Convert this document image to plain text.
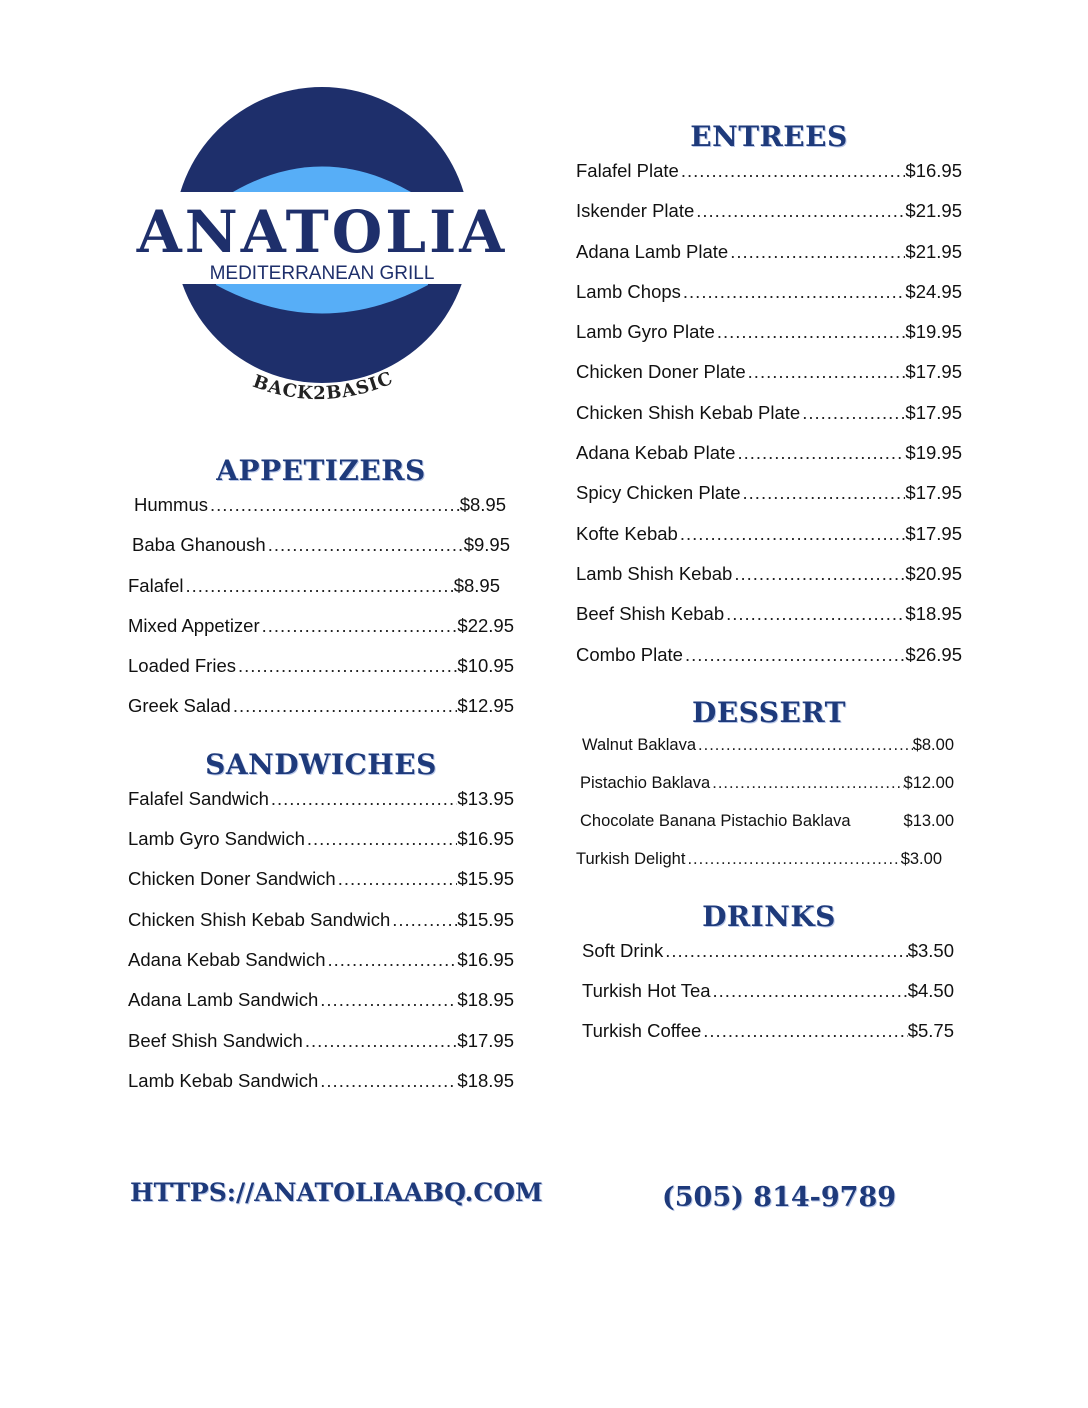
ANATOLIA
MEDITERRANEAN GRILL
BACK2BASIC
APPETIZERS
Hummus .....	$8.95
Baba Ghanoush .....	$9.95
Falafel .....	$8.95
Mixed Appetizer .....	$22.95
Loaded Fries .....	$10.95
Greek Salad .....	$12.95
SANDWICHES
Falafel Sandwich .....	$13.95
Lamb Gyro Sandwich .....	$16.95
Chicken Doner Sandwich .....	$15.95
Chicken Shish Kebab Sandwich .....	$15.95
Adana Kebab Sandwich .....	$16.95
Adana Lamb Sandwich .....	$18.95
Beef Shish Sandwich .....	$17.95
Lamb Kebab Sandwich .....	$18.95
ENTREES
Falafel Plate .....	$16.95
Iskender Plate .....	$21.95
Adana Lamb Plate .....	$21.95
Lamb Chops .....	$24.95
Lamb Gyro Plate .....	$19.95
Chicken Doner Plate .....	$17.95
Chicken Shish Kebab Plate .....	$17.95
Adana Kebab Plate .....	$19.95
Spicy Chicken Plate .....	$17.95
Kofte Kebab .....	$17.95
Lamb Shish Kebab .....	$20.95
Beef Shish Kebab .....	$18.95
Combo Plate .....	$26.95
DESSERT
Walnut Baklava .....	$8.00
Pistachio Baklava .....	$12.00
Chocolate Banana Pistachio Baklava	$13.00
Turkish Delight .....	$3.00
DRINKS
Soft Drink .....	$3.50
Turkish Hot Tea .....	$4.50
Turkish Coffee .....	$5.75
HTTPS://ANATOLIAABQ.COM	(505) 814-9789
